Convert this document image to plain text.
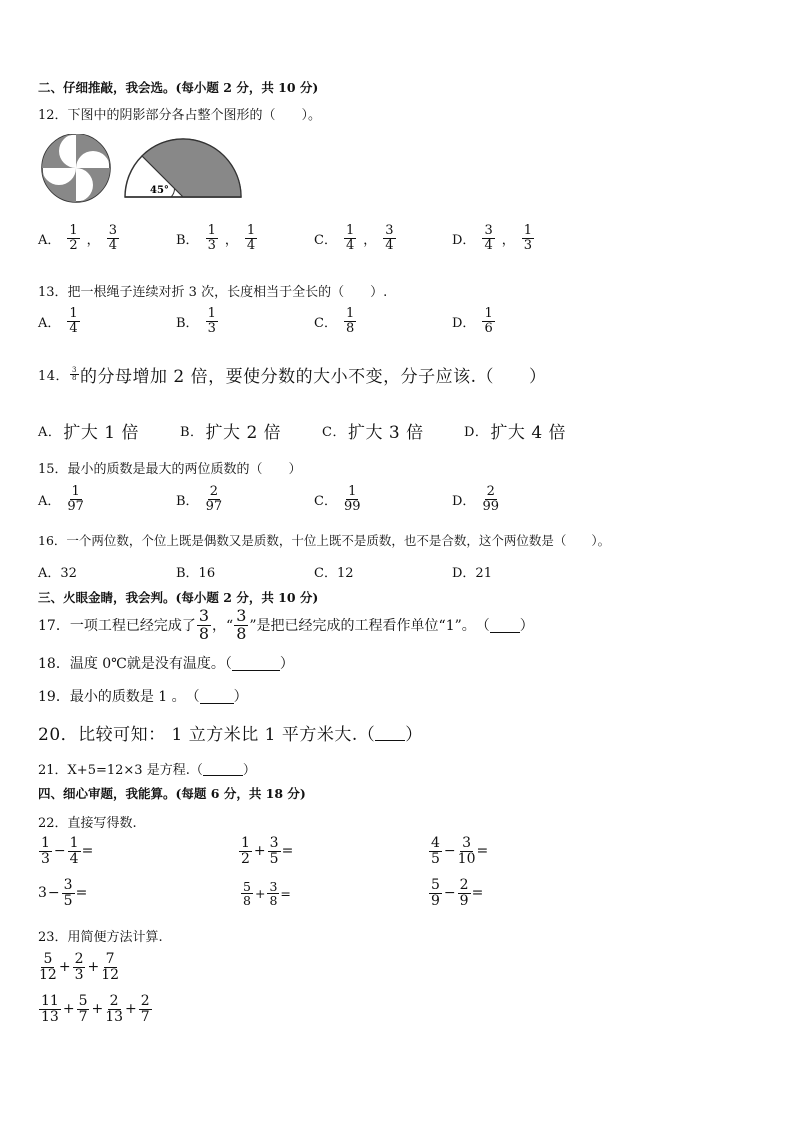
二、仔细推敲，我会选。(每小题 2 分，共 10 分)
12．下图中的阴影部分各占整个图形的（　　）。
45°
A． $\frac{1}{2}$ ， $\frac{3}{4}$	B． $\frac{1}{3}$ ， $\frac{1}{4}$	C． $\frac{1}{4}$ ， $\frac{3}{4}$	D． $\frac{3}{4}$ ， $\frac{1}{3}$
13．把一根绳子连续对折 3 次，长度相当于全长的（　　）.
A． $\frac{1}{4}$	B． $\frac{1}{3}$	C． $\frac{1}{8}$	D． $\frac{1}{6}$
14． $\frac{3}{8}$ 的分母增加 2 倍，要使分数的大小不变，分子应该.（　　）
A． 扩大 1 倍	B． 扩大 2 倍	C． 扩大 3 倍	D． 扩大 4 倍
15．最小的质数是最大的两位质数的（　　）
A． $\frac{1}{97}$	B． $\frac{2}{97}$	C． $\frac{1}{99}$	D． $\frac{2}{99}$
16．一个两位数，个位上既是偶数又是质数，十位上既不是质数，也不是合数，这个两位数是（　　）。
A．32	B．16	C．12	D．21
三、火眼金睛，我会判。(每小题 2 分，共 10 分)
17．一项工程已经完成了 $\frac{3}{8}$ ，“ $\frac{3}{8}$ ”是把已经完成的工程看作单位“1”。　（ ）
18．温度 0℃就是没有温度。（	）
19．最小的质数是 1 。　（ ）
20．比较可知： 1 立方米比 1 平方米大.（ ）
21．X+5=12×3 是方程.（	）
四、细心审题，我能算。(每题 6 分，共 18 分)
22．直接写得数.
$\frac{1}{3} - \frac{1}{4}$ =	$\frac{1}{2} + \frac{3}{5}$ =	$\frac{4}{5} - \frac{3}{10}$ =
$3 - \frac{3}{5}$ =	$\frac{5}{8} + \frac{3}{8}$ =	$\frac{5}{9} - \frac{2}{9}$ =
23．用简便方法计算.
$\frac{5}{12} + \frac{2}{3} + \frac{7}{12}$
$\frac{11}{13} + \frac{5}{7} + \frac{2}{13} + \frac{2}{7}$
